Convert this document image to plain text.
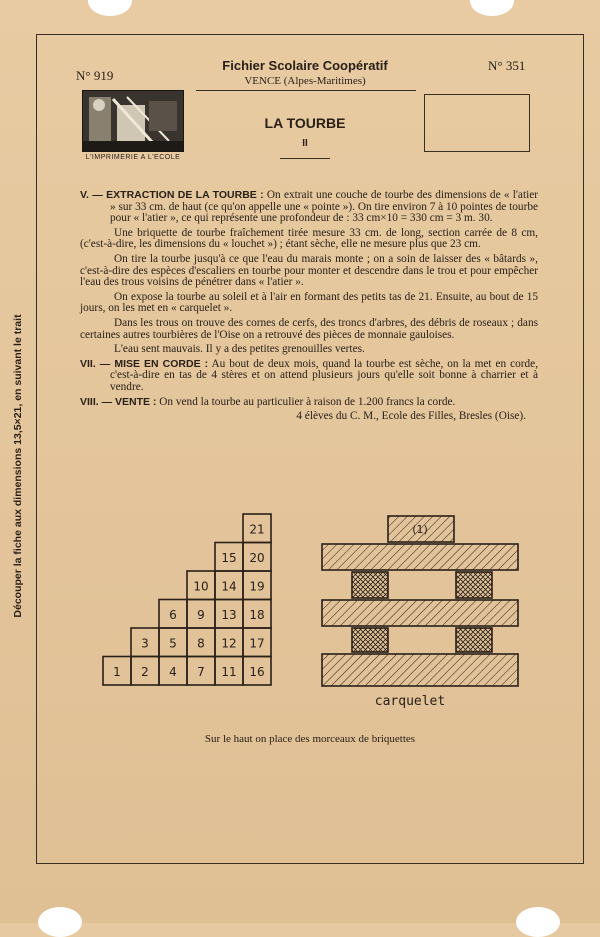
Découper la fiche aux dimensions 13,5×21, en suivant le trait
N° 919
N° 351
Fichier Scolaire Coopératif
VENCE (Alpes-Maritimes)
L'IMPRIMERIE A L'ECOLE
LA TOURBE
II

V. — EXTRACTION DE LA TOURBE : On extrait une couche de tourbe des dimensions de « l'atier » sur 33 cm. de haut (ce qu'on appelle une « pointe »). On tire environ 7 à 10 pointes de tourbe pour « l'atier », ce qui représente une profondeur de : 33 cm×10 = 330 cm = 3 m. 30.

Une briquette de tourbe fraîchement tirée mesure 33 cm. de long, section carrée de 8 cm, (c'est-à-dire, les dimensions du « louchet ») ; étant sèche, elle ne mesure plus que 23 cm.

On tire la tourbe jusqu'à ce que l'eau du marais monte ; on a soin de laisser des « bâtards », c'est-à-dire des espèces d'escaliers en tourbe pour monter et descendre dans le trou et pour empêcher l'eau des trous voisins de pénétrer dans « l'atier ».

On expose la tourbe au soleil et à l'air en formant des petits tas de 21. Ensuite, au bout de 15 jours, on les met en « carquelet ».

Dans les trous on trouve des cornes de cerfs, des troncs d'arbres, des débris de roseaux ; dans certaines autres tourbières de l'Oise on a retrouvé des pièces de monnaie gauloises.

L'eau sent mauvais. Il y a des petites grenouilles vertes.

VII. — MISE EN CORDE : Au bout de deux mois, quand la tourbe est sèche, on la met en corde, c'est-à-dire en tas de 4 stères et on attend plusieurs jours qu'elle soit bonne à charrier et à vendre.

VIII. — VENTE : On vend la tourbe au particulier à raison de 1.200 francs la corde.

4 élèves du C. M., Ecole des Filles, Bresles (Oise).

1 2
3
4
5
6
7
8
9
10
11
12
13
14
15
16
17
18
19
20
21	(1)
carquelet
Sur le haut on place des morceaux de briquettes
